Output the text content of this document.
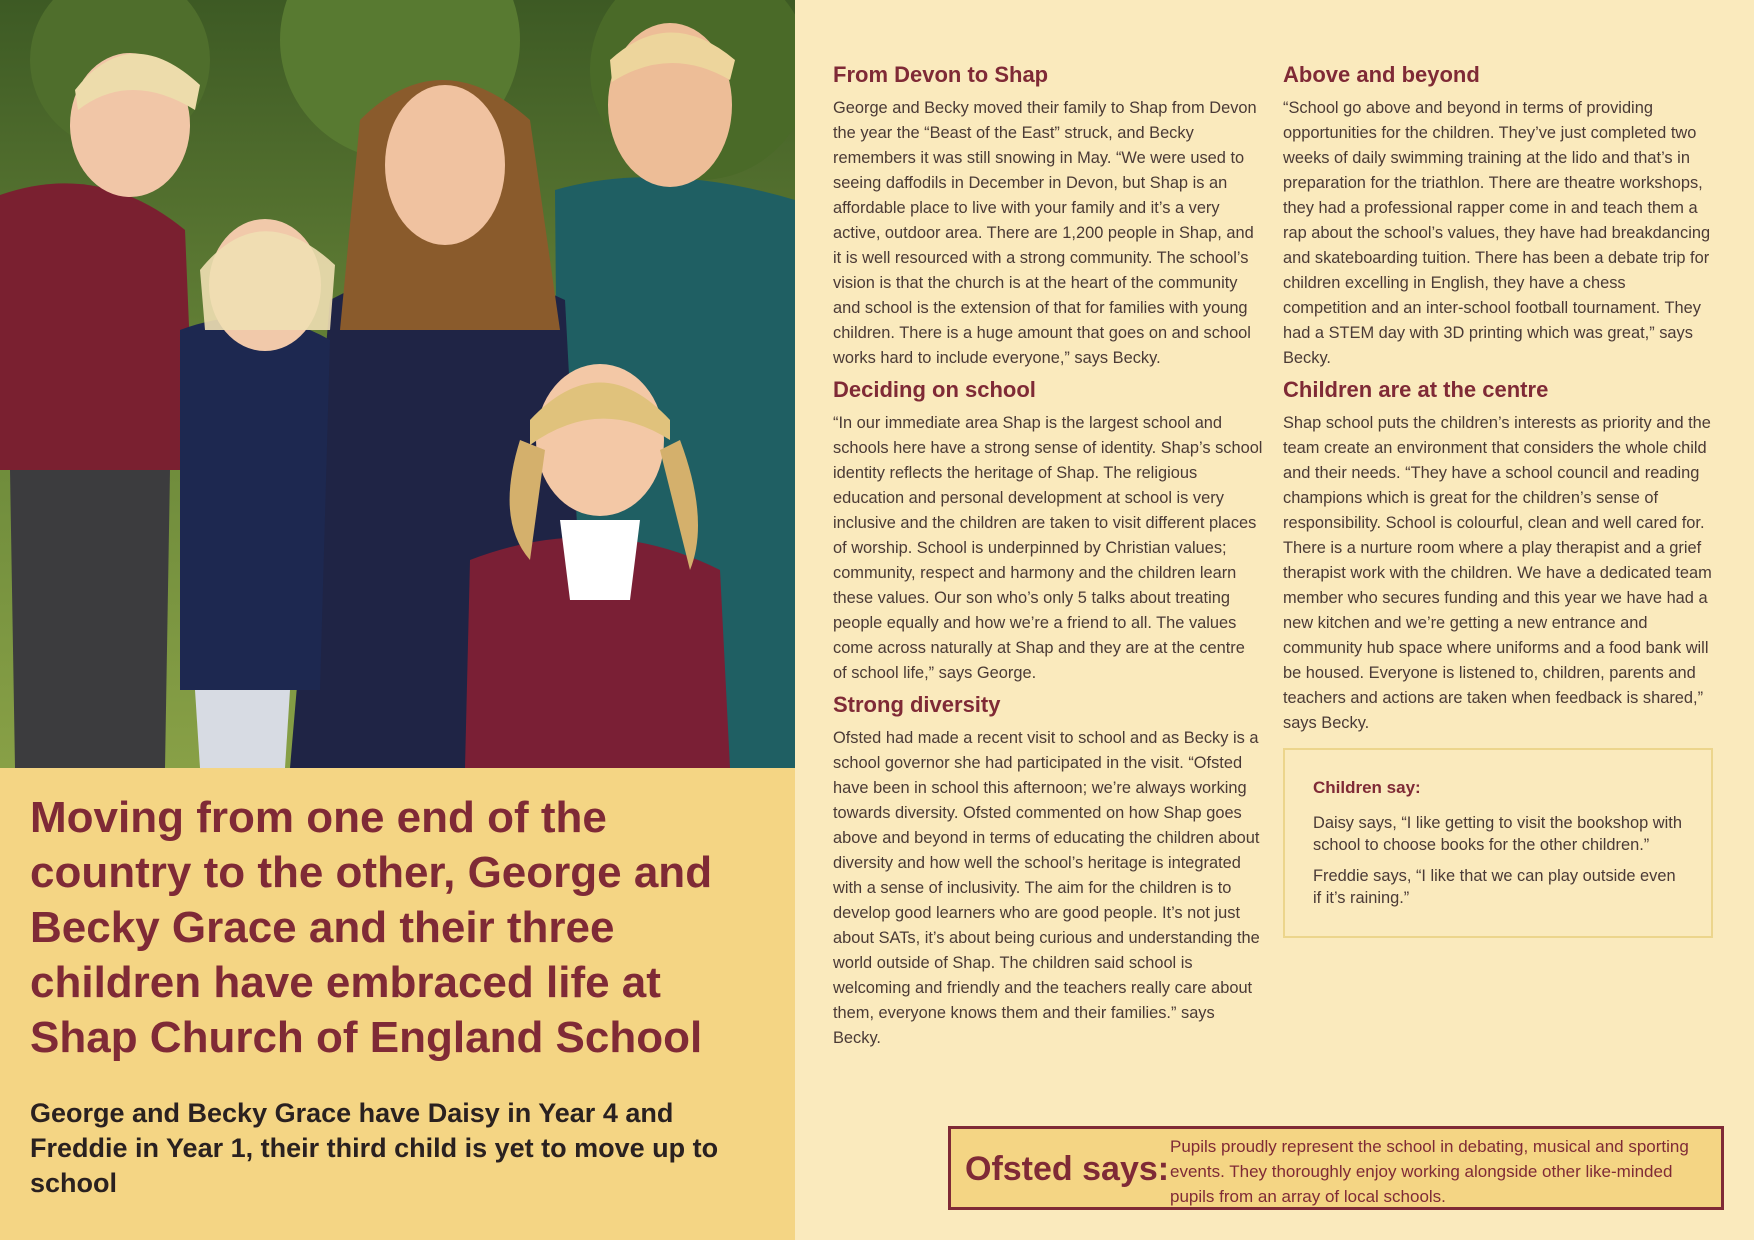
Moving from one end of the country to the other, George and Becky Grace and their three children have embraced life at Shap Church of England School

George and Becky Grace have Daisy in Year 4 and Freddie in Year 1, their third child is yet to move up to school

From Devon to Shap

George and Becky moved their family to Shap from Devon the year the “Beast of the East” struck, and Becky remembers it was still snowing in May. “We were used to seeing daffodils in December in Devon, but Shap is an affordable place to live with your family and it’s a very active, outdoor area. There are 1,200 people in Shap, and it is well resourced with a strong community. The school’s vision is that the church is at the heart of the community and school is the extension of that for families with young children. There is a huge amount that goes on and school works hard to include everyone,” says Becky.

Deciding on school

“In our immediate area Shap is the largest school and schools here have a strong sense of identity. Shap’s school identity reflects the heritage of Shap. The religious education and personal development at school is very inclusive and the children are taken to visit different places of worship. School is underpinned by Christian values; community, respect and harmony and the children learn these values. Our son who’s only 5 talks about treating people equally and how we’re a friend to all. The values come across naturally at Shap and they are at the centre of school life,” says George.

Strong diversity

Ofsted had made a recent visit to school and as Becky is a school governor she had participated in the visit. “Ofsted have been in school this afternoon; we’re always working towards diversity. Ofsted commented on how Shap goes above and beyond in terms of educating the children about diversity and how well the school’s heritage is integrated with a sense of inclusivity. The aim for the children is to develop good learners who are good people. It’s not just about SATs, it’s about being curious and understanding the world outside of Shap. The children said school is welcoming and friendly and the teachers really care about them, everyone knows them and their families.” says Becky.

Above and beyond

“School go above and beyond in terms of providing opportunities for the children. They’ve just completed two weeks of daily swimming training at the lido and that’s in preparation for the triathlon. There are theatre workshops, they had a professional rapper come in and teach them a rap about the school’s values, they have had breakdancing and skateboarding tuition. There has been a debate trip for children excelling in English, they have a chess competition and an inter-school football tournament. They had a STEM day with 3D printing which was great,” says Becky.

Children are at the centre

Shap school puts the children’s interests as priority and the team create an environment that considers the whole child and their needs. “They have a school council and reading champions which is great for the children’s sense of responsibility. School is colourful, clean and well cared for. There is a nurture room where a play therapist and a grief therapist work with the children. We have a dedicated team member who secures funding and this year we have had a new kitchen and we’re getting a new entrance and community hub space where uniforms and a food bank will be housed. Everyone is listened to, children, parents and teachers and actions are taken when feedback is shared,” says Becky.

Children say:

Daisy says, “I like getting to visit the bookshop with school to choose books for the other children.”

Freddie says, “I like that we can play outside even if it’s raining.”

Ofsted says:
Pupils proudly represent the school in debating, musical and sporting events. They thoroughly enjoy working alongside other like-minded pupils from an array of local schools.
